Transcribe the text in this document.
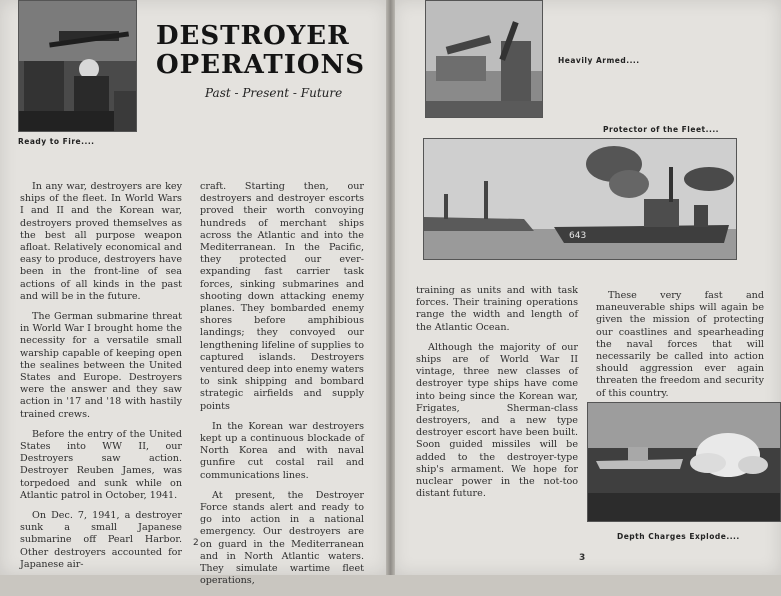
Ready to Fire....
DESTROYER
OPERATIONS
Past - Present - Future

In any war, destroyers are key ships of the fleet. In World Wars I and II and the Korean war, destroyers proved themselves as the best all purpose weapon afloat. Relatively economical and easy to produce, destroyers have been in the front-line of sea actions of all kinds in the past and will be in the future.

The German submarine threat in World War I brought home the necessity for a versatile small warship capable of keeping open the sealines between the United States and Europe. Destroyers were the answer and they saw action in '17 and '18 with hastily trained crews.

Before the entry of the United States into WW II, our Destroyers saw action. Destroyer Reuben James, was torpedoed and sunk while on Atlantic patrol in October, 1941.

On Dec. 7, 1941, a destroyer sunk a small Japanese submarine off Pearl Harbor. Other destroyers accounted for Japanese air-

craft. Starting then, our destroyers and destroyer escorts proved their worth convoying hundreds of merchant ships across the Atlantic and into the Mediterranean. In the Pacific, they protected our ever-expanding fast carrier task forces, sinking submarines and shooting down attacking enemy planes. They bombarded enemy shores before amphibious landings; they convoyed our lengthening lifeline of supplies to captured islands. Destroyers ventured deep into enemy waters to sink shipping and bombard strategic airfields and supply points

In the Korean war destroyers kept up a continuous blockade of North Korea and with naval gunfire cut costal rail and communications lines.

At present, the Destroyer Force stands alert and ready to go into action in a national emergency. Our destroyers are on guard in the Mediterranean and in North Atlantic waters. They simulate wartime fleet operations,

2
Heavily Armed....
Protector of the Fleet....
643

training as units and with task forces. Their training operations range the width and length of the Atlantic Ocean.

Although the majority of our ships are of World War II vintage, three new classes of destroyer type ships have come into being since the Korean war, Frigates, Sherman-class destroyers, and a new type destroyer escort have been built. Soon guided missiles will be added to the destroyer-type ship's armament. We hope for nuclear power in the not-too distant future.

These very fast and maneuverable ships will again be given the mission of protecting our coastlines and spearheading the naval forces that will necessarily be called into action should aggression ever again threaten the freedom and security of this country.

Depth Charges Explode....
3
